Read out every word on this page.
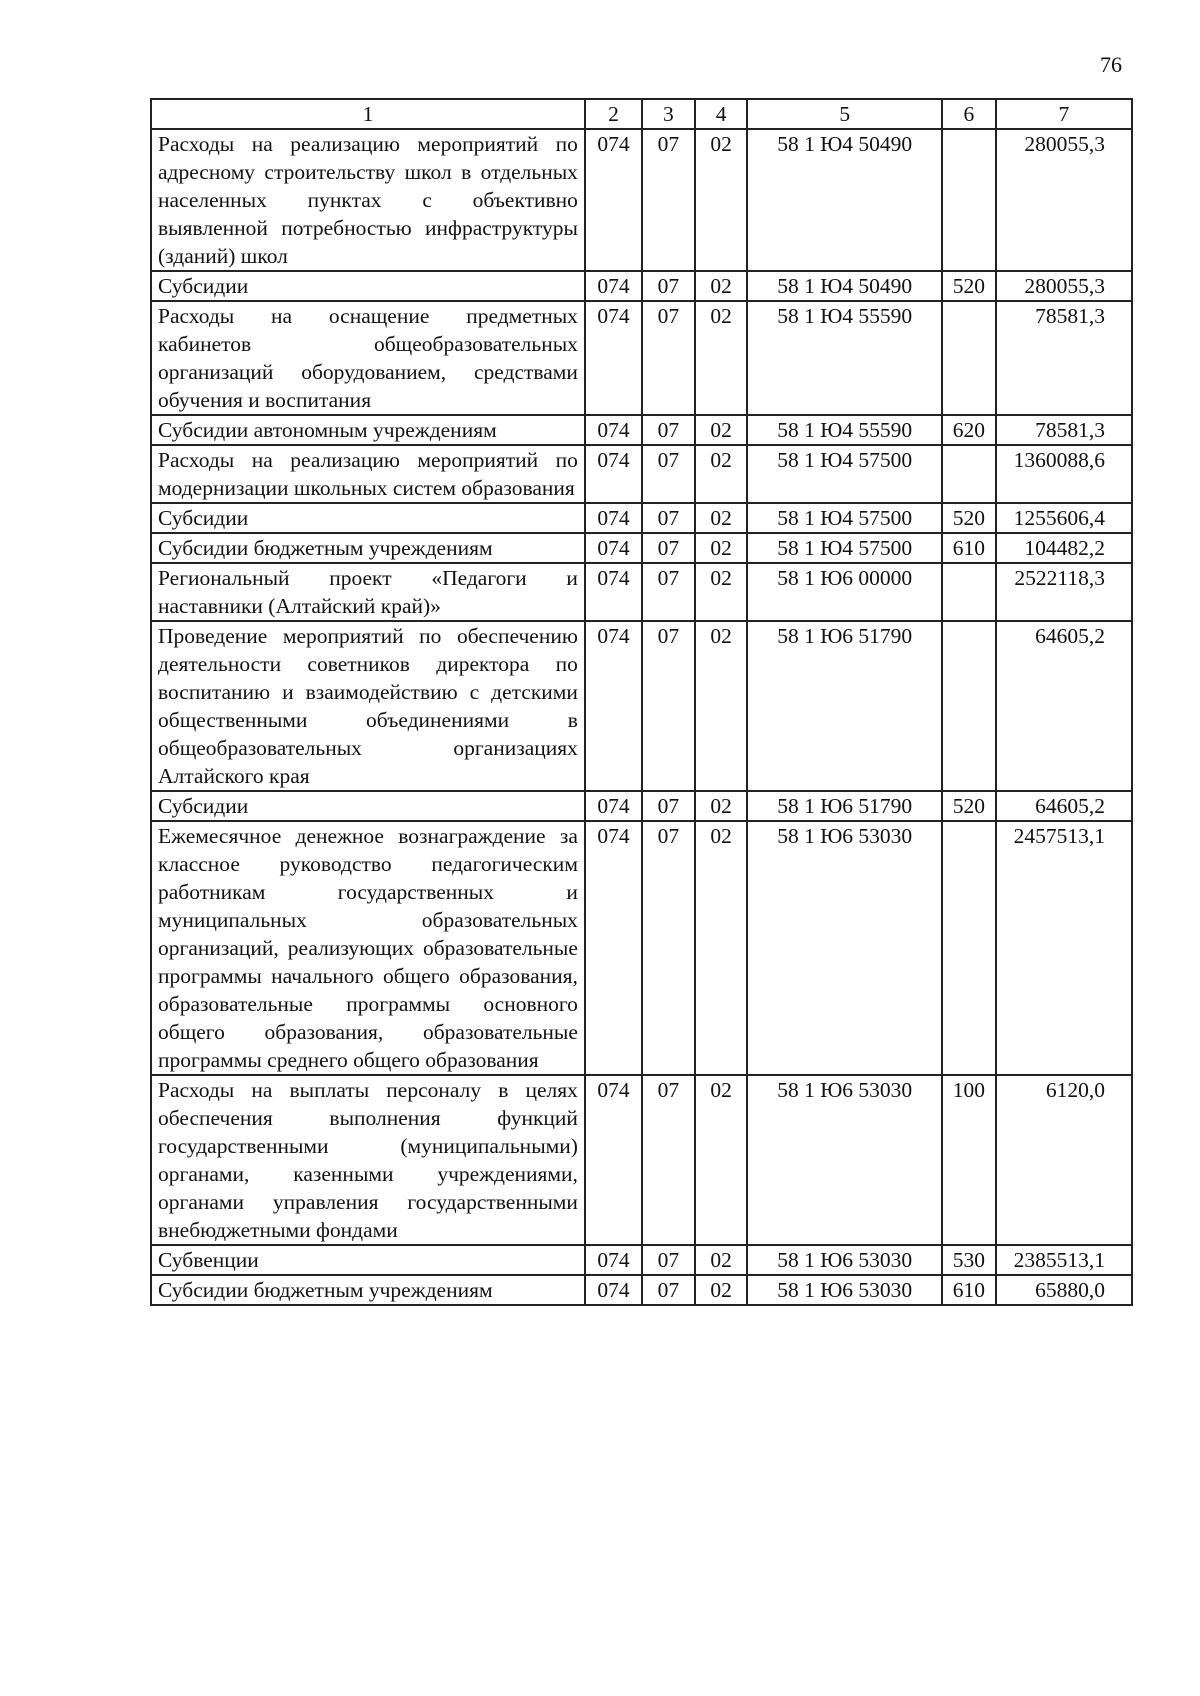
76
1	2	3	4	5	6	7
Расходы на реализацию мероприятий по адресному строительству школ в отдельных населенных пунктах с объективно выявленной потребностью инфраструктуры (зданий) школ	074	07	02	58 1 Ю4 50490		280055,3
Субсидии	074	07	02	58 1 Ю4 50490	520	280055,3
Расходы на оснащение предметных кабинетов общеобразовательных организаций оборудованием, средствами обучения и воспитания	074	07	02	58 1 Ю4 55590		78581,3
Субсидии автономным учреждениям	074	07	02	58 1 Ю4 55590	620	78581,3
Расходы на реализацию мероприятий по модернизации школьных систем образования	074	07	02	58 1 Ю4 57500		1360088,6
Субсидии	074	07	02	58 1 Ю4 57500	520	1255606,4
Субсидии бюджетным учреждениям	074	07	02	58 1 Ю4 57500	610	104482,2
Региональный проект «Педагоги и наставники (Алтайский край)»	074	07	02	58 1 Ю6 00000		2522118,3
Проведение мероприятий по обеспечению деятельности советников директора по воспитанию и взаимодействию с детскими общественными объединениями в общеобразовательных организациях Алтайского края	074	07	02	58 1 Ю6 51790		64605,2
Субсидии	074	07	02	58 1 Ю6 51790	520	64605,2
Ежемесячное денежное вознаграждение за классное руководство педагогическим работникам государственных и муниципальных образовательных организаций, реализующих образовательные программы начального общего образования, образовательные программы основного общего образования, образовательные программы среднего общего образования	074	07	02	58 1 Ю6 53030		2457513,1
Расходы на выплаты персоналу в целях обеспечения выполнения функций государственными (муниципальными) органами, казенными учреждениями, органами управления государственными внебюджетными фондами	074	07	02	58 1 Ю6 53030	100	6120,0
Субвенции	074	07	02	58 1 Ю6 53030	530	2385513,1
Субсидии бюджетным учреждениям	074	07	02	58 1 Ю6 53030	610	65880,0
